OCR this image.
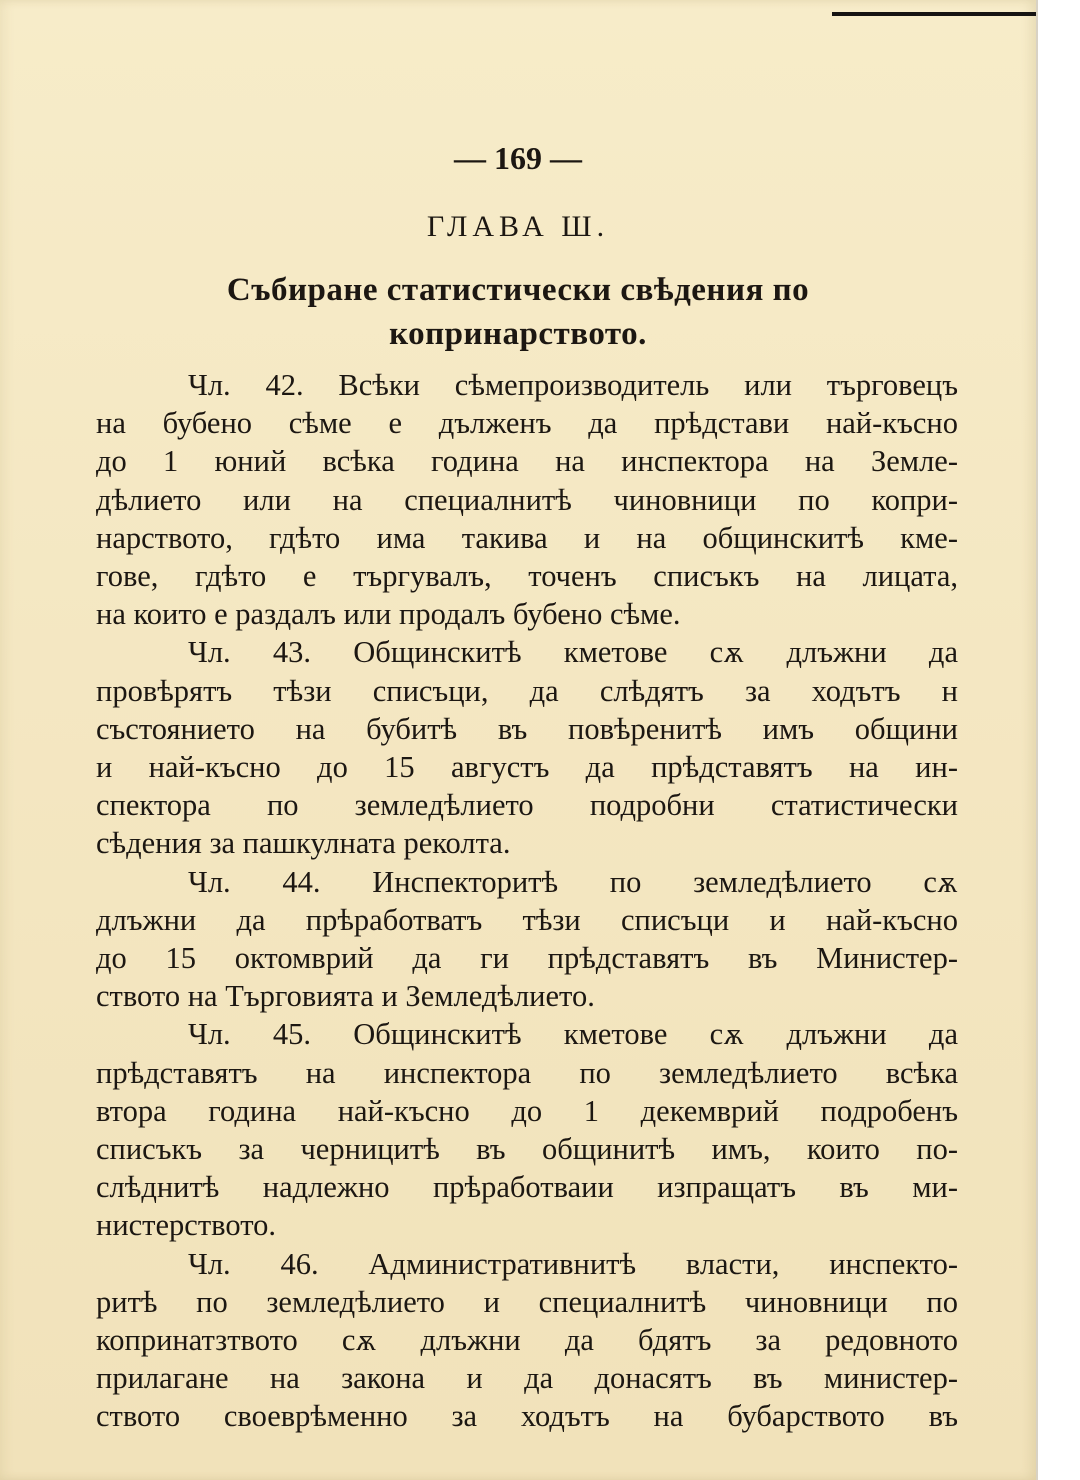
— 169 —
ГЛАВА Ш.
Събиране статистически свѣдения по
копринарството.

Чл. 42. Всѣки сѣмепроизводитель или търговецъ
на бубено сѣме е дълженъ да прѣдстави най-късно
до 1 юний всѣка година на инспектора на Земле-
дѣлието или на специалнитѣ чиновници по копри-
нарството, гдѣто има такива и на общинскитѣ кме-
гове, гдѣто е търгувалъ, точенъ списъкъ на лицата,
на които е раздалъ или продалъ бубено сѣме.

Чл. 43. Общинскитѣ кметове сѫ длъжни да
провѣрятъ тѣзи списъци, да слѣдятъ за ходътъ н
състоянието на бубитѣ въ повѣренитѣ имъ общини
и най-късно до 15 августъ да прѣдставятъ на ин-
спектора по землeдѣлието подробни статистически
сѣдения за пашкулната реколта.

Чл. 44. Инспекторитѣ по земледѣлието сѫ
длъжни да прѣработватъ тѣзи списъци и най-късно
до 15 октомврий да ги прѣдставятъ въ Министер-
ството на Търговията и Земледѣлието.

Чл. 45. Общинскитѣ кметове сѫ длъжни да
прѣдставятъ на инспектора по земледѣлието всѣка
втора година най-късно до 1 декемврий подробенъ
списъкъ за черницитѣ въ общинитѣ имъ, които по-
слѣднитѣ надлежно прѣработваии изпращатъ въ ми-
нистерството.

Чл. 46. Административнитѣ власти, инспекто-
ритѣ по земледѣлието и специалнитѣ чиновници по
копринатзтвото сѫ длъжни да бдятъ за редовното
прилагане на закона и да донасятъ въ министер-
ството своеврѣменно за ходътъ на бубарството въ
